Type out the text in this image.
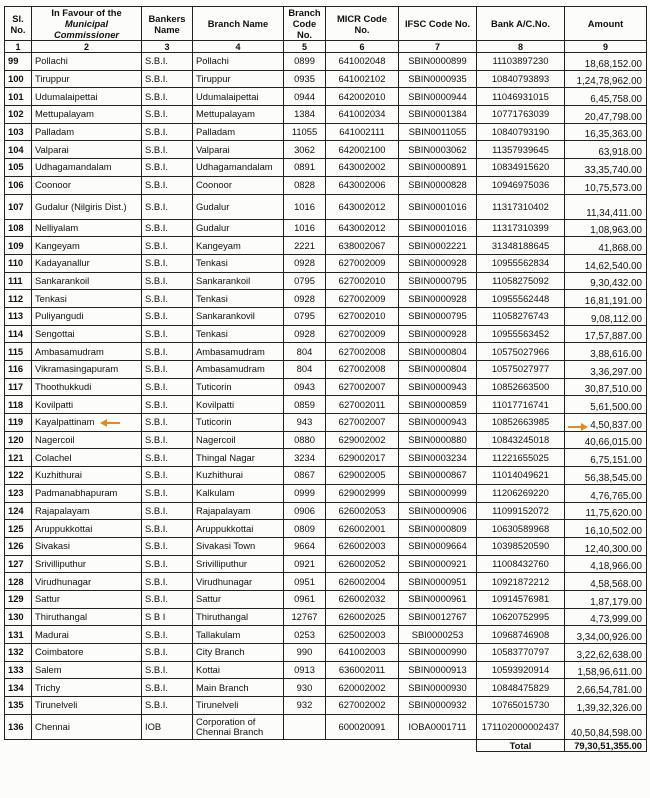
Sl. No.	In Favour of the
Municipal Commissioner	Bankers Name	Branch Name	Branch Code No.	MICR Code No.	IFSC Code No.	Bank A/C.No.	Amount
1	2	3	4	5	6	7	8	9
99	Pollachi	S.B.I.	Pollachi	0899	641002048	SBIN0000899	11103897230	18,68,152.00
100	Tiruppur	S.B.I.	Tiruppur	0935	641002102	SBIN0000935	10840793893	1,24,78,962.00
101	Udumalaipettai	S.B.I.	Udumalaipettai	0944	642002010	SBIN0000944	11046931015	6,45,758.00
102	Mettupalayam	S.B.I.	Mettupalayam	1384	641002034	SBIN0001384	10771763039	20,47,798.00
103	Palladam	S.B.I.	Palladam	11055	641002111	SBIN0011055	10840793190	16,35,363.00
104	Valparai	S.B.I.	Valparai	3062	642002100	SBIN0003062	11357939645	63,918.00
105	Udhagamandalam	S.B.I.	Udhagamandalam	0891	643002002	SBIN0000891	10834915620	33,35,740.00
106	Coonoor	S.B.I.	Coonoor	0828	643002006	SBIN0000828	10946975036	10,75,573.00
107	Gudalur (Nilgiris Dist.)	S.B.I.	Gudalur	1016	643002012	SBIN0001016	11317310402	11,34,411.00
108	Nelliyalam	S.B.I.	Gudalur	1016	643002012	SBIN0001016	11317310399	1,08,963.00
109	Kangeyam	S.B.I.	Kangeyam	2221	638002067	SBIN0002221	31348188645	41,868.00
110	Kadayanallur	S.B.I.	Tenkasi	0928	627002009	SBIN0000928	10955562834	14,62,540.00
111	Sankarankoil	S.B.I.	Sankarankoil	0795	627002010	SBIN0000795	11058275092	9,30,432.00
112	Tenkasi	S.B.I.	Tenkasi	0928	627002009	SBIN0000928	10955562448	16,81,191.00
113	Puliyangudi	S.B.I.	Sankarankovil	0795	627002010	SBIN0000795	11058276743	9,08,112.00
114	Sengottai	S.B.I.	Tenkasi	0928	627002009	SBIN0000928	10955563452	17,57,887.00
115	Ambasamudram	S.B.I.	Ambasamudram	804	627002008	SBIN0000804	10575027966	3,88,616.00
116	Vikramasingapuram	S.B.I.	Ambasamudram	804	627002008	SBIN0000804	10575027977	3,36,297.00
117	Thoothukkudi	S.B.I.	Tuticorin	0943	627002007	SBIN0000943	10852663500	30,87,510.00
118	Kovilpatti	S.B.I.	Kovilpatti	0859	627002011	SBIN0000859	11017716741	5,61,500.00
119	Kayalpattinam	S.B.I.	Tuticorin	943	627002007	SBIN0000943	10852663985	4,50,837.00

120	Nagercoil	S.B.I.	Nagercoil	0880	629002002	SBIN0000880	10843245018	40,66,015.00
121	Colachel	S.B.I.	Thingal Nagar	3234	629002017	SBIN0003234	11221655025	6,75,151.00
122	Kuzhithurai	S.B.I.	Kuzhithurai	0867	629002005	SBIN0000867	11014049621	56,38,545.00
123	Padmanabhapuram	S.B.I.	Kalkulam	0999	629002999	SBIN0000999	11206269220	4,76,765.00
124	Rajapalayam	S.B.I.	Rajapalayam	0906	626002053	SBIN0000906	11099152072	11,75,620.00
125	Aruppukkottai	S.B.I.	Aruppukkottai	0809	626002001	SBIN0000809	10630589968	16,10,502.00
126	Sivakasi	S.B.I.	Sivakasi Town	9664	626002003	SBIN0009664	10398520590	12,40,300.00
127	Srivilliputhur	S.B.I.	Srivilliputhur	0921	626002052	SBIN0000921	11008432760	4,18,966.00
128	Virudhunagar	S.B.I.	Virudhunagar	0951	626002004	SBIN0000951	10921872212	4,58,568.00
129	Sattur	S.B.I.	Sattur	0961	626002032	SBIN0000961	10914576981	1,87,179.00
130	Thiruthangal	S B I	Thiruthangal	12767	626002025	SBIN0012767	10620752995	4,73,999.00
131	Madurai	S.B.I.	Tallakulam	0253	625002003	SBI0000253	10968746908	3,34,00,926.00
132	Coimbatore	S.B.I.	City Branch	990	641002003	SBIN0000990	10583770797	3,22,62,638.00
133	Salem	S.B.I.	Kottai	0913	636002011	SBIN0000913	10593920914	1,58,96,611.00
134	Trichy	S.B.I.	Main Branch	930	620002002	SBIN0000930	10848475829	2,66,54,781.00
135	Tirunelveli	S.B.I.	Tirunelveli	932	627002002	SBIN0000932	10765015730	1,39,32,326.00
136	Chennai	IOB	Corporation of Chennai Branch		600020091	IOBA0001711	171102000002437	40,50,84,598.00
							Total	79,30,51,355.00
